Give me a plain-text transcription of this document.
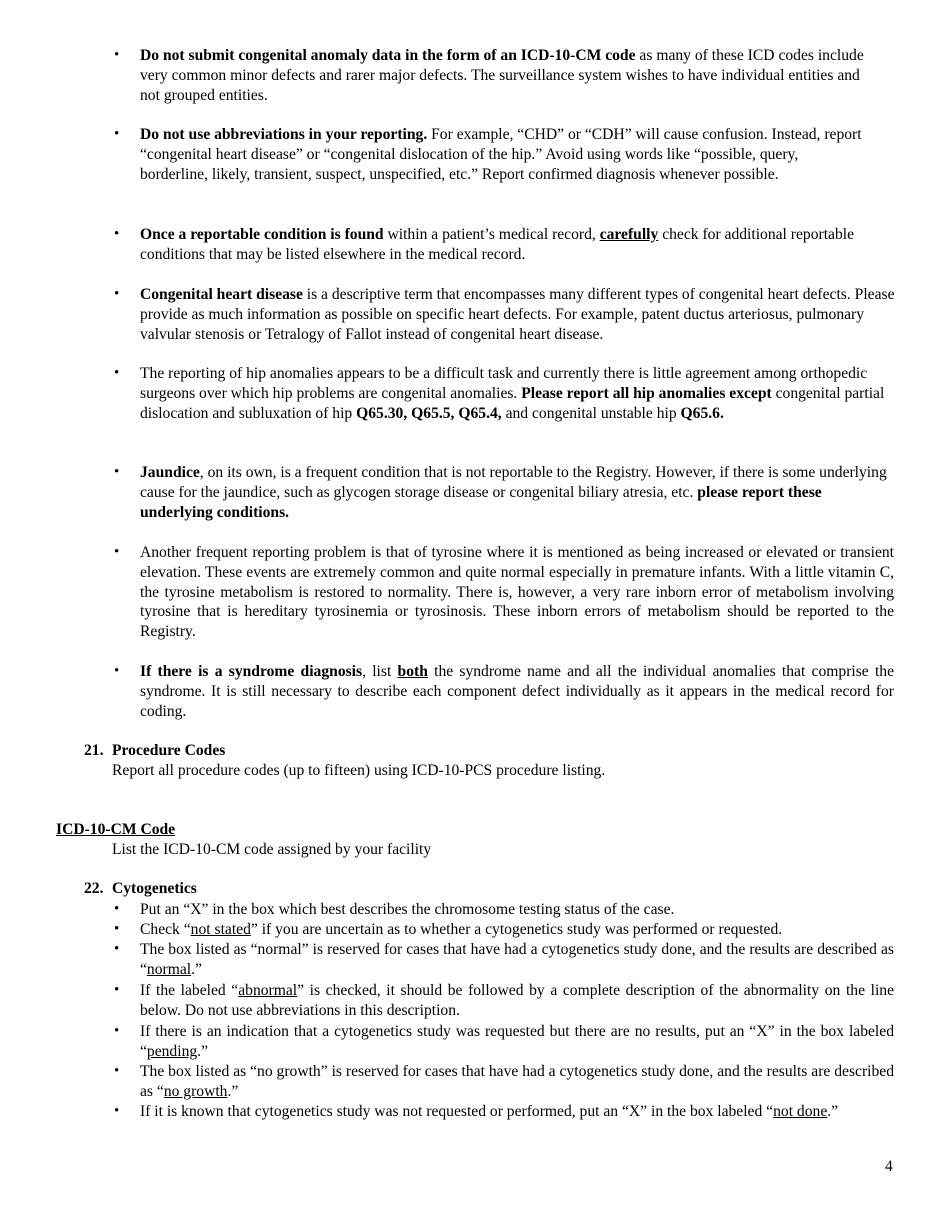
• Do not submit congenital anomaly data in the form of an ICD-10-CM code as many of these ICD codes include very common minor defects and rarer major defects. The surveillance system wishes to have individual entities and not grouped entities.

• Do not use abbreviations in your reporting. For example, “CHD” or “CDH” will cause confusion. Instead, report “congenital heart disease” or “congenital dislocation of the hip.” Avoid using words like “possible, query, borderline, likely, transient, suspect, unspecified, etc.” Report confirmed diagnosis whenever possible.

• Once a reportable condition is found within a patient’s medical record, carefully check for additional reportable conditions that may be listed elsewhere in the medical record.

• Congenital heart disease is a descriptive term that encompasses many different types of congenital heart defects. Please provide as much information as possible on specific heart defects. For example, patent ductus arteriosus, pulmonary valvular stenosis or Tetralogy of Fallot instead of congenital heart disease.

• The reporting of hip anomalies appears to be a difficult task and currently there is little agreement among orthopedic surgeons over which hip problems are congenital anomalies. Please report all hip anomalies except congenital partial dislocation and subluxation of hip Q65.30, Q65.5, Q65.4, and congenital unstable hip Q65.6.

• Jaundice, on its own, is a frequent condition that is not reportable to the Registry. However, if there is some underlying cause for the jaundice, such as glycogen storage disease or congenital biliary atresia, etc. please report these underlying conditions.

• Another frequent reporting problem is that of tyrosine where it is mentioned as being increased or elevated or transient elevation. These events are extremely common and quite normal especially in premature infants. With a little vitamin C, the tyrosine metabolism is restored to normality. There is, however, a very rare inborn error of metabolism involving tyrosine that is hereditary tyrosinemia or tyrosinosis. These inborn errors of metabolism should be reported to the Registry.

• If there is a syndrome diagnosis, list both the syndrome name and all the individual anomalies that comprise the syndrome. It is still necessary to describe each component defect individually as it appears in the medical record for coding.

21. Procedure Codes
Report all procedure codes (up to fifteen) using ICD-10-PCS procedure listing.
ICD-10-CM Code
List the ICD-10-CM code assigned by your facility
22. Cytogenetics
• Put an “X” in the box which best describes the chromosome testing status of the case.

• Check “not stated” if you are uncertain as to whether a cytogenetics study was performed or requested.

• The box listed as “normal” is reserved for cases that have had a cytogenetics study done, and the results are described as “normal.”

• If the labeled “abnormal” is checked, it should be followed by a complete description of the abnormality on the line below. Do not use abbreviations in this description.

• If there is an indication that a cytogenetics study was requested but there are no results, put an “X” in the box labeled “pending.”

• The box listed as “no growth” is reserved for cases that have had a cytogenetics study done, and the results are described as “no growth.”

• If it is known that cytogenetics study was not requested or performed, put an “X” in the box labeled “not done.”

4
